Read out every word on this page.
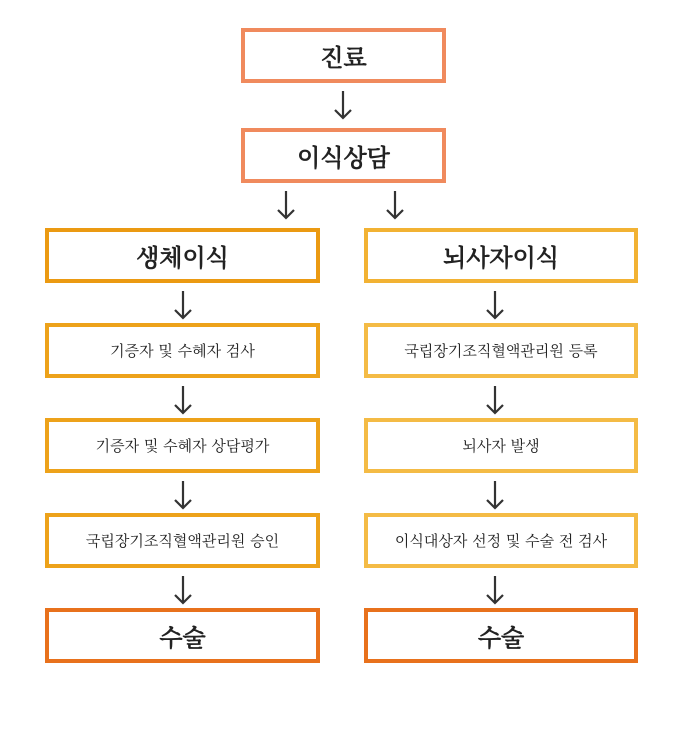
진료
이식상담
생체이식
기증자 및 수혜자 검사
기증자 및 수혜자 상담평가
국립장기조직혈액관리원 승인
수술
뇌사자이식
국립장기조직혈액관리원 등록
뇌사자 발생
이식대상자 선정 및 수술 전 검사
수술
